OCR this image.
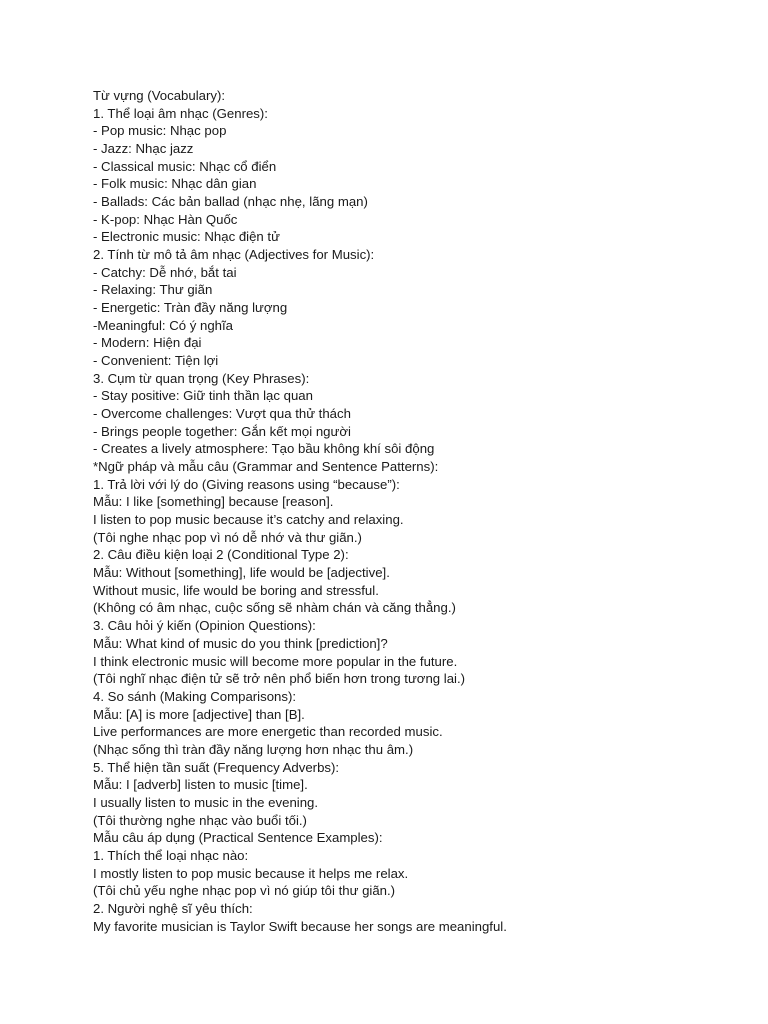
Từ vựng (Vocabulary):
1. Thể loại âm nhạc (Genres):
- Pop music: Nhạc pop
- Jazz: Nhạc jazz
- Classical music: Nhạc cổ điển
- Folk music: Nhạc dân gian
- Ballads: Các bản ballad (nhạc nhẹ, lãng mạn)
- K-pop: Nhạc Hàn Quốc
- Electronic music: Nhạc điện tử
2. Tính từ mô tả âm nhạc (Adjectives for Music):
- Catchy: Dễ nhớ, bắt tai
- Relaxing: Thư giãn
- Energetic: Tràn đầy năng lượng
-Meaningful: Có ý nghĩa
- Modern: Hiện đại
- Convenient: Tiện lợi
3. Cụm từ quan trọng (Key Phrases):
- Stay positive: Giữ tinh thần lạc quan
- Overcome challenges: Vượt qua thử thách
- Brings people together: Gắn kết mọi người
- Creates a lively atmosphere: Tạo bầu không khí sôi động
*Ngữ pháp và mẫu câu (Grammar and Sentence Patterns):
1. Trả lời với lý do (Giving reasons using “because”):
Mẫu: I like [something] because [reason].
I listen to pop music because it’s catchy and relaxing.
(Tôi nghe nhạc pop vì nó dễ nhớ và thư giãn.)
2. Câu điều kiện loại 2 (Conditional Type 2):
Mẫu: Without [something], life would be [adjective].
Without music, life would be boring and stressful.
(Không có âm nhạc, cuộc sống sẽ nhàm chán và căng thẳng.)
3. Câu hỏi ý kiến (Opinion Questions):
Mẫu: What kind of music do you think [prediction]?
I think electronic music will become more popular in the future.
(Tôi nghĩ nhạc điện tử sẽ trở nên phổ biến hơn trong tương lai.)
4. So sánh (Making Comparisons):
Mẫu: [A] is more [adjective] than [B].
Live performances are more energetic than recorded music.
(Nhạc sống thì tràn đầy năng lượng hơn nhạc thu âm.)
5. Thể hiện tần suất (Frequency Adverbs):
Mẫu: I [adverb] listen to music [time].
I usually listen to music in the evening.
(Tôi thường nghe nhạc vào buổi tối.)
Mẫu câu áp dụng (Practical Sentence Examples):
1. Thích thể loại nhạc nào:
I mostly listen to pop music because it helps me relax.
(Tôi chủ yếu nghe nhạc pop vì nó giúp tôi thư giãn.)
2. Người nghệ sĩ yêu thích:
My favorite musician is Taylor Swift because her songs are meaningful.
